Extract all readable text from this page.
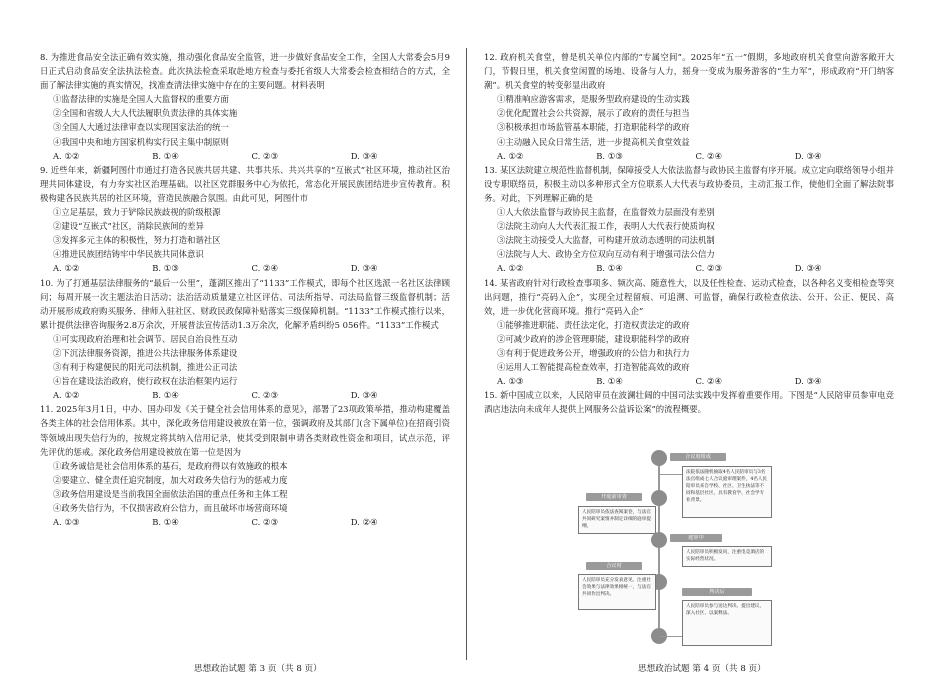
8. 为推进食品安全法正确有效实施，推动强化食品安全监管，进一步做好食品安全工作，全国人大常委会5月9日正式启动食品安全法执法检查。此次执法检查采取赴地方检查与委托省级人大常委会检查相结合的方式，全面了解法律实施的真实情况，找准查清法律实施中存在的主要问题。材料表明

①监督法律的实施是全国人大监督权的重要方面
②全国和省级人大人代法履职负责法律的具体实施
③全国人大通过法律审查以实现国家法治的统一
④我国中央和地方国家机构实行民主集中制原则
A. ①②	B. ①④	C. ②③	D. ③④

9. 近些年来，新疆阿图什市通过打造各民族共居共建、共事共乐、共兴共享的“互嵌式”社区环境，推动社区治理共同体建设，有力夯实社区治理基础。以社区党群服务中心为依托，常态化开展民族团结进步宣传教育。积极构建各民族共居的社区环境，营造民族融合氛围。由此可见，阿图什市

①立足基层，致力于铲除民族歧视的阶级根源
②建设“互嵌式”社区，消除民族间的差异
③发挥多元主体的积极性，努力打造和谐社区
④推进民族团结铸牢中华民族共同体意识
A. ①②	B. ①③	C. ②④	D. ③④

10. 为了打通基层法律服务的“最后一公里”，蓬湖区推出了“1133”工作模式，即每个社区选派一名社区法律顾问；每周开展一次主题法治日活动；法治活动质量建立社区评估、司法所指导、司法局监督三级监督机制；活动开展形成政府购买服务、律师入驻社区、财政民政保障补贴落实三级保障机制。“1133”工作模式推行以来，累计提供法律咨询服务2.8万余次，开展普法宣传活动1.3万余次，化解矛盾纠纷5 056件。“1133”工作模式

①可实现政府治理和社会调节、居民自治良性互动
②下沉法律服务资源，推进公共法律服务体系建设
③有利于构建便民的阳光司法机制，推进公正司法
④旨在建设法治政府，使行政权在法治框架内运行
A. ①②	B. ①④	C. ②③	D. ③④

11. 2025年3月1日，中办、国办印发《关于健全社会信用体系的意见》，部署了23项政策举措，推动构建覆盖各类主体的社会信用体系。其中，深化政务信用建设被放在第一位，强调政府及其部门(含下属单位)在招商引资等领域出现失信行为的，按规定将其纳入信用记录，使其受到限制申请各类财政性资金和项目，试点示范，评先评优的惩戒。深化政务信用建设被放在第一位是因为

①政务诚信是社会信用体系的基石，是政府得以有效施政的根本
②要建立、健全责任追究制度，加大对政务失信行为的惩戒力度
③政务信用建设是当前我国全面依法治国的重点任务和主体工程
④政务失信行为，不仅损害政府公信力，而且破坏市场营商环境
A. ①③	B. ①④	C. ②③	D. ②④

12. 政府机关食堂，曾是机关单位内部的“专属空间”。2025年“五一”假期，多地政府机关食堂向游客敞开大门，节假日里，机关食堂闲置的场地、设备与人力，摇身一变成为服务游客的“生力军”，形成政府“开门纳客潮”。机关食堂的转变彰显出政府

①精准响应游客需求，是服务型政府建设的生动实践
②优化配置社会公共资源，展示了政府的责任与担当
③积极承担市场监管基本职能，打造职能科学的政府
④主动融入民众日常生活，进一步提高机关食堂效益
A. ①②	B. ①③	C. ②④	D. ③④

13. 某区法院建立规范性监督机制，保障接受人大依法监督与政协民主监督有序开展。成立定向联络领导小组并设专职联络员，积极主动以多种形式全方位联系人大代表与政协委员，主动汇报工作，使他们全面了解法院事务。对此，下列理解正确的是

①人大依法监督与政协民主监督，在监督效力层面没有差别
②法院主动向人大代表汇报工作，表明人大代表行使质询权
③法院主动接受人大监督，可构建开放动态透明的司法机制
④法院与人大、政协全方位双向互动有利于增强司法公信力
A. ①②	B. ①④	C. ②③	D. ③④

14. 某省政府针对行政检查事项多、频次高、随意性大，以及任性检查、运动式检查，以各种名义变相检查等突出问题，推行“亮码入企”，实现全过程留痕、可追溯、可监督，确保行政检查依法、公开、公正、便民、高效，进一步优化营商环境。推行“亮码入企”

①能够推进职能、责任法定化，打造权责法定的政府
②可减少政府的涉企管理职能，建设职能科学的政府
③有利于促进政务公开，增强政府的公信力和执行力
④运用人工智能提高检查效率，打造智能高效的政府
A. ①③	B. ①④	C. ②④	D. ③④

15. 新中国成立以来，人民陪审员在波澜壮阔的中国司法实践中发挥着重要作用。下图是“人民陪审员参审电竞酒店违法向未成年人提供上网服务公益诉讼案”的流程概要。

合议庭组成
法院依法随机抽取4名人民陪审员与3名法官组成七人合议庭审理案件，4名人民陪审员来自学校、社区、卫生执法等不同和基层社区，具有教育学、社会学专业背景。
开庭前审查
人民陪审员依法查阅案卷，与法官共同研究案情并制定详细的庭审提纲。
庭审中
人民陪审员积极发问，注重电竞酒店的实际经营状况。
合议时
人民陪审员充分发表意见，注重社会效果与法律效果相统一，与法官共同作出判决。	判决后
人民陪审员参与送达判决、提出建议，深入社区、以案释法。
思想政治试题 第 3 页（共 8 页）	思想政治试题 第 4 页（共 8 页）
